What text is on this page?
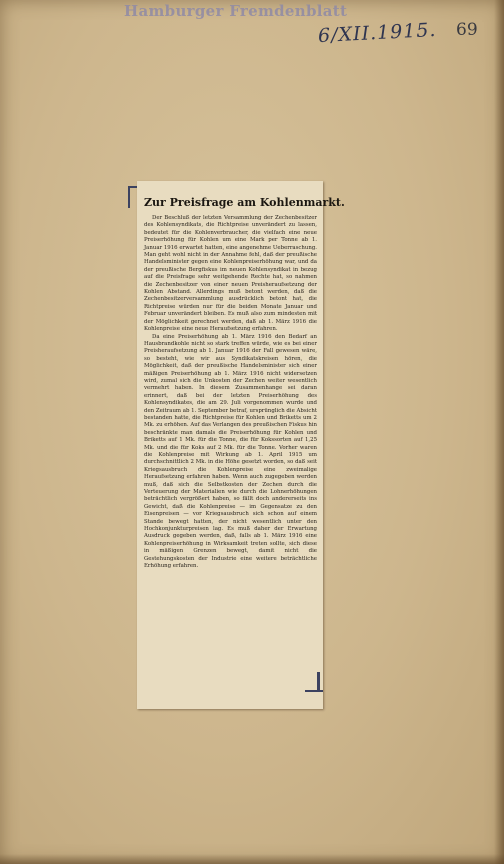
Hamburger Fremdenblatt
6/XII.1915. 69
Zur Preisfrage am Kohlenmarkt.

Der Beschluß der letzten Versammlung der Zechenbesitzer des Kohlensyndikats, die Richtpreise unverändert zu lassen, bedeutet für die Kohlenverbraucher, die vielfach eine neue Preiserhöhung für Kohlen um eine Mark per Tonne ab 1. Januar 1916 erwartet hatten, eine angenehme Ueberraschung. Man geht wohl nicht in der Annahme fehl, daß der preußische Handelsminister gegen eine Kohlenpreiserhöhung war, und da der preußische Bergfiskus im neuen Kohlensyndikat in bezug auf die Preisfrage sehr weitgehende Rechte hat, so nahmen die Zechenbesitzer von einer neuen Preisheraufsetzung der Kohlen Abstand. Allerdings muß betont werden, daß die Zechenbesitzerversammlung ausdrücklich betont hat, die Richtpreise würden nur für die beiden Monate Januar und Februar unverändert bleiben. Es muß also zum mindesten mit der Möglichkeit gerechnet werden, daß ab 1. März 1916 die Kohlenpreise eine neue Heraufsetzung erfahren.

Da eine Preiserhöhung ab 1. März 1916 den Bedarf an Hausbrandkohle nicht so stark treffen würde, wie es bei einer Preisheraufsetzung ab 1. Januar 1916 der Fall gewesen wäre, so besteht, wie wir aus Syndikatskreisen hören, die Möglichkeit, daß der preußische Handelsminister sich einer mäßigen Preiserhöhung ab 1. März 1916 nicht widersetzen wird, zumal sich die Unkosten der Zechen weiter wesentlich vermehrt haben. In diesem Zusammenhange sei daran erinnert, daß bei der letzten Preiserhöhung des Kohlensyndikates, die am 29. Juli vorgenommen wurde und den Zeitraum ab 1. September betraf, ursprünglich die Absicht bestanden hatte, die Richtpreise für Kohlen und Briketts um 2 Mk. zu erhöhen. Auf das Verlangen des preußischen Fiskus hin beschränkte man damals die Preiserhöhung für Kohlen und Briketts auf 1 Mk. für die Tonne, die für Kokssorten auf 1,25 Mk. und die für Koks auf 2 Mk. für die Tonne. Vorher waren die Kohlenpreise mit Wirkung ab 1. April 1915 um durchschnittlich 2 Mk. in die Höhe gesetzt worden, so daß seit Kriegsausbruch die Kohlenpreise eine zweimalige Heraufsetzung erfahren haben. Wenn auch zugegeben werden muß, daß sich die Selbstkosten der Zechen durch die Verteuerung der Materialien wie durch die Lohnerhöhungen beträchtlich vergrößert haben, so fällt doch andererseits ins Gewicht, daß die Kohlenpreise — im Gegensatze zu den Eisenpreisen — vor Kriegsausbruch sich schon auf einem Stande bewegt hatten, der nicht wesentlich unter den Hochkonjunkturpreisen lag. Es muß daher der Erwartung Ausdruck gegeben werden, daß, falls ab 1. März 1916 eine Kohlenpreiserhöhung in Wirksamkeit treten sollte, sich diese in mäßigen Grenzen bewegt, damit nicht die Gestehungskosten der Industrie eine weitere beträchtliche Erhöhung erfahren.
